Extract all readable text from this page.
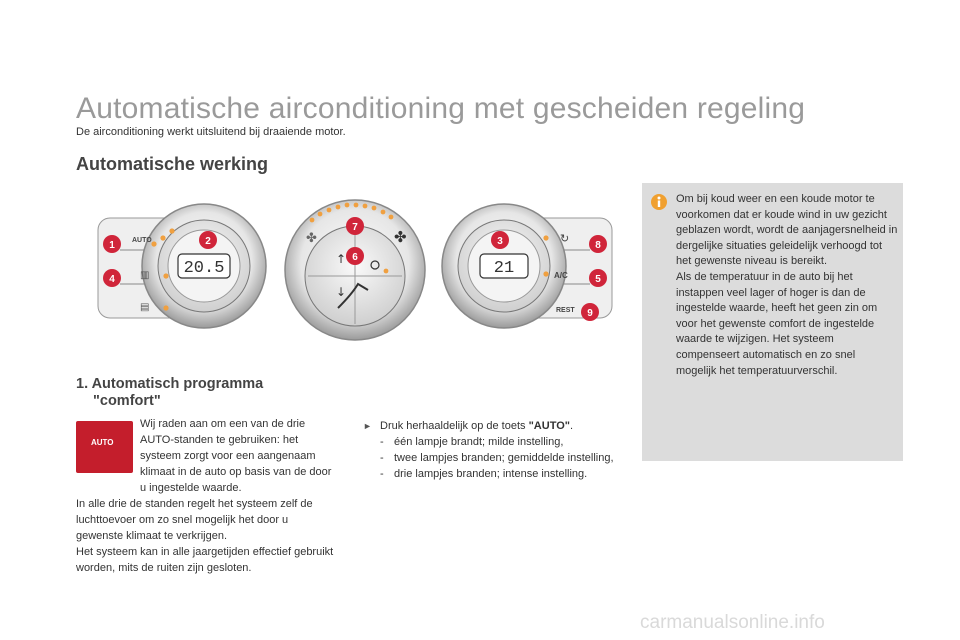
Automatische airconditioning met gescheiden regeling
De airconditioning werkt uitsluitend bij draaiende motor.
Automatische werking
20.5
AUTO
▥
▤
1
4
2	✤	✤
↑
↓
7
6
21
↻
A/C
REST
3	8
5
9

Om bij koud weer en een koude motor te voorkomen dat er koude wind in uw gezicht geblazen wordt, wordt de aanjagersnelheid in dergelijke situaties geleidelijk verhoogd tot het gewenste niveau is bereikt.

Als de temperatuur in de auto bij het instappen veel lager of hoger is dan de ingestelde waarde, heeft het geen zin om voor het gewenste comfort de ingestelde waarde te wijzigen. Het systeem compenseert automatisch en zo snel mogelijk het temperatuurverschil.

1. Automatisch programma
"comfort"
AUTO
Wij raden aan om een van de drie AUTO-standen te gebruiken: het systeem zorgt voor een aangenaam klimaat in de auto op basis van de door u ingestelde waarde.
In alle drie de standen regelt het systeem zelf de luchttoevoer om zo snel mogelijk het door u gewenste klimaat te verkrijgen.
Het systeem kan in alle jaargetijden effectief gebruikt worden, mits de ruiten zijn gesloten.
► Druk herhaaldelijk op de toets "AUTO".
- één lampje brandt; milde instelling,
- twee lampjes branden; gemiddelde instelling,
- drie lampjes branden; intense instelling.
carmanualsonline.info
